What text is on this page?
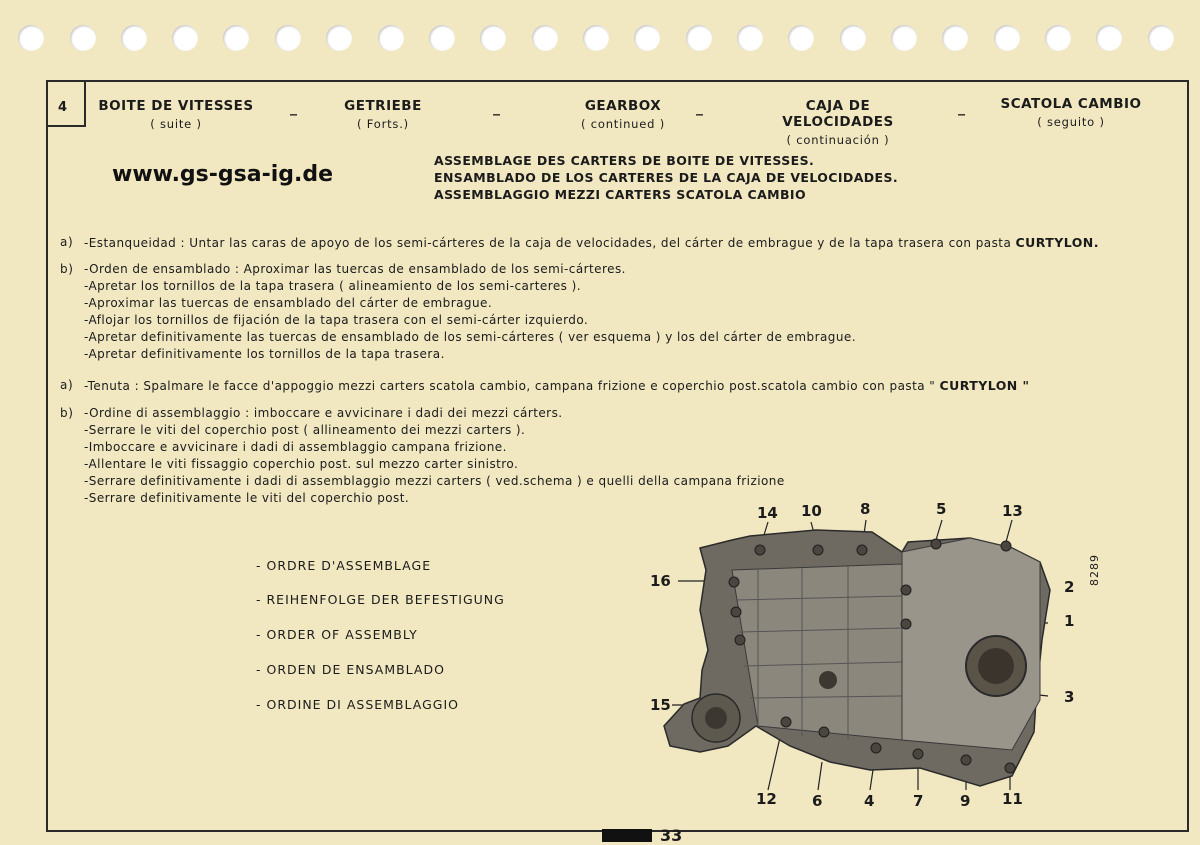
4 BOITE DE VITESSES
( suite )
_	GETRIEBE
( Forts.)
_	GEARBOX
( continued )
_	CAJA DE VELOCIDADES
( continuación )
_	SCATOLA CAMBIO
( seguito )
www.gs-gsa-ig.de
ASSEMBLAGE DES CARTERS DE BOITE DE VITESSES.
ENSAMBLADO DE LOS CARTERES DE LA CAJA DE VELOCIDADES.
ASSEMBLAGGIO MEZZI CARTERS SCATOLA CAMBIO
a) -Estanqueidad : Untar las caras de apoyo de los semi-cárteres de la caja de velocidades, del cárter de embrague y de la tapa trasera con pasta CURTYLON.
b) -Orden de ensamblado : Aproximar las tuercas de ensamblado de los semi-cárteres.
-Apretar los tornillos de la tapa trasera ( alineamiento de los semi-carteres ).
-Aproximar las tuercas de ensamblado del cárter de embrague.
-Aflojar los tornillos de fijación de la tapa trasera con el semi-cárter izquierdo.
-Apretar definitivamente las tuercas de ensamblado de los semi-cárteres ( ver esquema ) y los del cárter de embrague.
-Apretar definitivamente los tornillos de la tapa trasera.
a) -Tenuta : Spalmare le facce d'appoggio mezzi carters scatola cambio, campana frizione e coperchio post.scatola cambio con pasta " CURTYLON "
b) -Ordine di assemblaggio : imboccare e avvicinare i dadi dei mezzi cárters.
-Serrare le viti del coperchio post ( allineamento dei mezzi carters ).
-Imboccare e avvicinare i dadi di assemblaggio campana frizione.
-Allentare le viti fissaggio coperchio post. sul mezzo carter sinistro.
-Serrare definitivamente i dadi di assemblaggio mezzi carters ( ved.schema ) e quelli della campana frizione
-Serrare definitivamente le viti del coperchio post.
- ORDRE D'ASSEMBLAGE
- REIHENFOLGE DER BEFESTIGUNG
- ORDER OF ASSEMBLY
- ORDEN DE ENSAMBLADO
- ORDINE DI ASSEMBLAGGIO
14 10	8	5	13
16	2
1
3
15
12 6	4	7 9 11
8289
33
